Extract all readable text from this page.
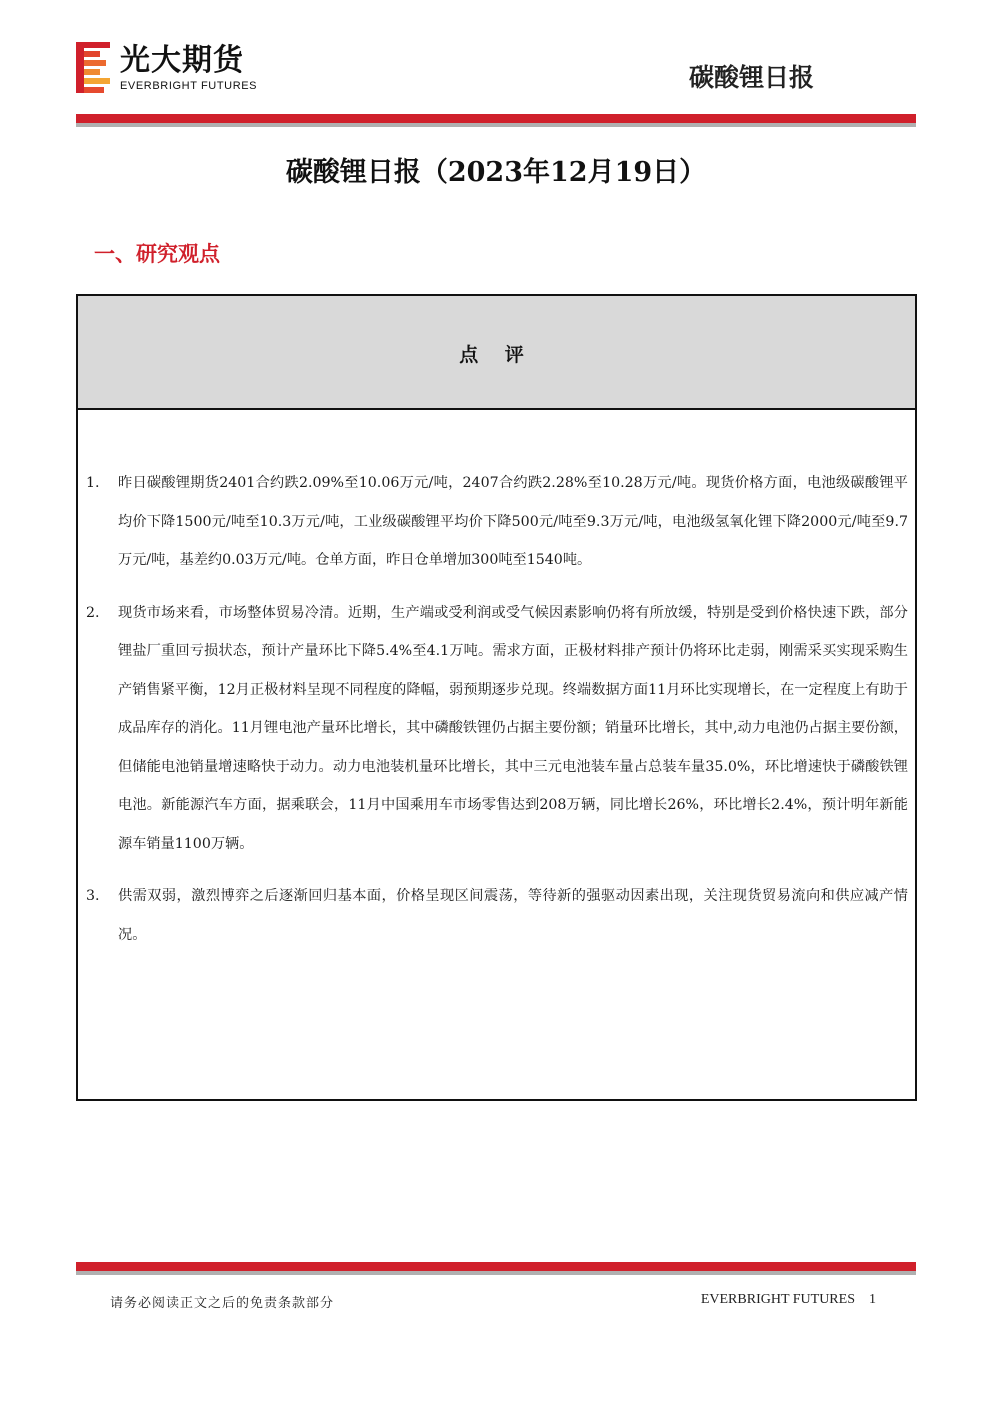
光大期货
EVERBRIGHT FUTURES	碳酸锂日报
碳酸锂日报（2023年12月19日）
一、研究观点
点 评
1. 昨日碳酸锂期货2401合约跌2.09%至10.06万元/吨，2407合约跌2.28%至10.28万元/吨。现货价格方面，电池级碳酸锂平均价下降1500元/吨至10.3万元/吨，工业级碳酸锂平均价下降500元/吨至9.3万元/吨，电池级氢氧化锂下降2000元/吨至9.7万元/吨，基差约0.03万元/吨。仓单方面，昨日仓单增加300吨至1540吨。
2. 现货市场来看，市场整体贸易冷清。近期，生产端或受利润或受气候因素影响仍将有所放缓，特别是受到价格快速下跌，部分锂盐厂重回亏损状态，预计产量环比下降5.4%至4.1万吨。需求方面，正极材料排产预计仍将环比走弱，刚需采买实现采购生产销售紧平衡，12月正极材料呈现不同程度的降幅，弱预期逐步兑现。终端数据方面11月环比实现增长，在一定程度上有助于成品库存的消化。11月锂电池产量环比增长，其中磷酸铁锂仍占据主要份额；销量环比增长，其中,动力电池仍占据主要份额，但储能电池销量增速略快于动力。动力电池装机量环比增长，其中三元电池装车量占总装车量35.0%，环比增速快于磷酸铁锂电池。新能源汽车方面，据乘联会，11月中国乘用车市场零售达到208万辆，同比增长26%，环比增长2.4%，预计明年新能源车销量1100万辆。
3. 供需双弱，激烈博弈之后逐渐回归基本面，价格呈现区间震荡，等待新的强驱动因素出现，关注现货贸易流向和供应减产情况。
请务必阅读正文之后的免责条款部分	EVERBRIGHT FUTURES 1
